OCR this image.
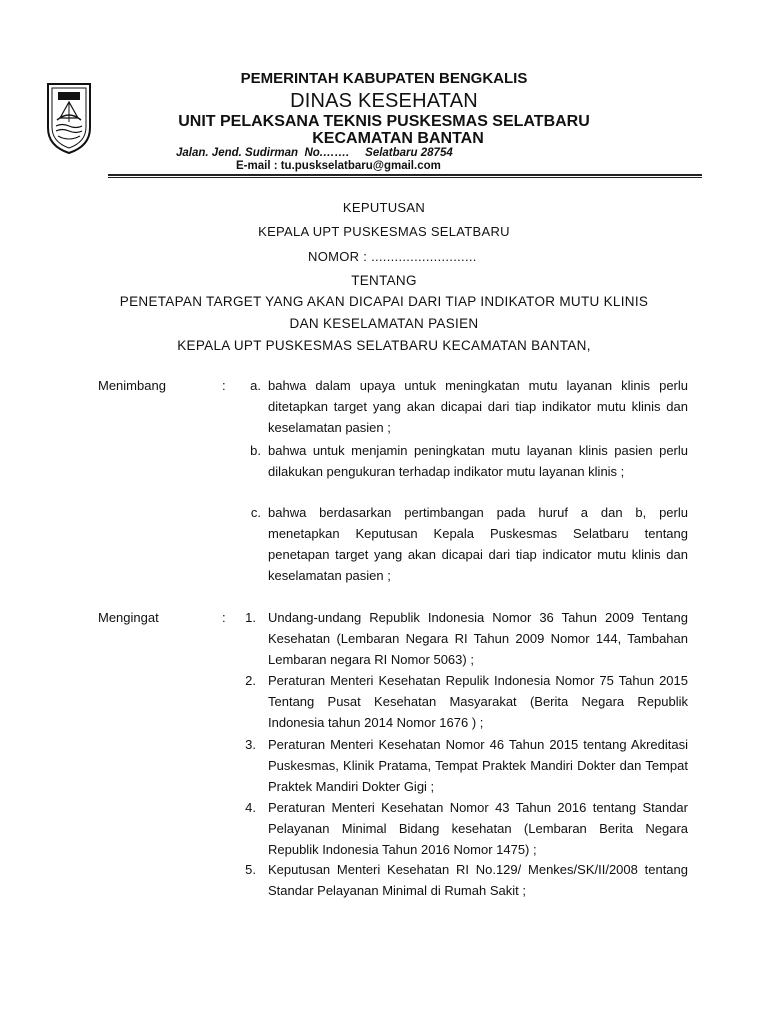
PEMERINTAH KABUPATEN BENGKALIS
DINAS KESEHATAN
UNIT PELAKSANA TEKNIS PUSKESMAS SELATBARU
KECAMATAN BANTAN
Jalan. Jend. Sudirman  No.…….     Selatbaru 28754
E-mail : tu.puskselatbaru@gmail.com
KEPUTUSAN
KEPALA UPT PUSKESMAS SELATBARU
NOMOR : ...........................
TENTANG
PENETAPAN TARGET YANG AKAN DICAPAI DARI TIAP INDIKATOR MUTU KLINIS
DAN KESELAMATAN PASIEN
KEPALA UPT PUSKESMAS SELATBARU KECAMATAN BANTAN,
Menimbang	:	a. bahwa dalam upaya untuk meningkatan mutu layanan klinis perlu ditetapkan target yang akan dicapai dari tiap indikator mutu klinis dan keselamatan pasien ;
b. bahwa untuk menjamin peningkatan mutu layanan klinis pasien perlu dilakukan pengukuran terhadap indikator mutu layanan klinis ;
c. bahwa berdasarkan pertimbangan pada huruf a dan b, perlu menetapkan Keputusan Kepala Puskesmas Selatbaru tentang penetapan target yang akan dicapai dari tiap indicator mutu klinis dan keselamatan pasien ;
Mengingat	:	1. Undang-undang Republik Indonesia Nomor 36 Tahun 2009 Tentang Kesehatan (Lembaran Negara RI Tahun 2009 Nomor 144, Tambahan Lembaran negara RI Nomor 5063) ;
2. Peraturan Menteri Kesehatan Repulik Indonesia Nomor 75 Tahun 2015 Tentang Pusat Kesehatan Masyarakat (Berita Negara Republik Indonesia tahun 2014 Nomor 1676 ) ;
3. Peraturan Menteri Kesehatan Nomor 46 Tahun 2015 tentang Akreditasi Puskesmas, Klinik Pratama, Tempat Praktek Mandiri Dokter dan Tempat Praktek Mandiri Dokter Gigi ;
4. Peraturan Menteri Kesehatan Nomor 43 Tahun 2016 tentang Standar Pelayanan Minimal Bidang kesehatan (Lembaran Berita Negara Republik Indonesia Tahun 2016 Nomor 1475) ;
5. Keputusan Menteri Kesehatan RI No.129/ Menkes/SK/II/2008 tentang Standar Pelayanan Minimal di Rumah Sakit ;
